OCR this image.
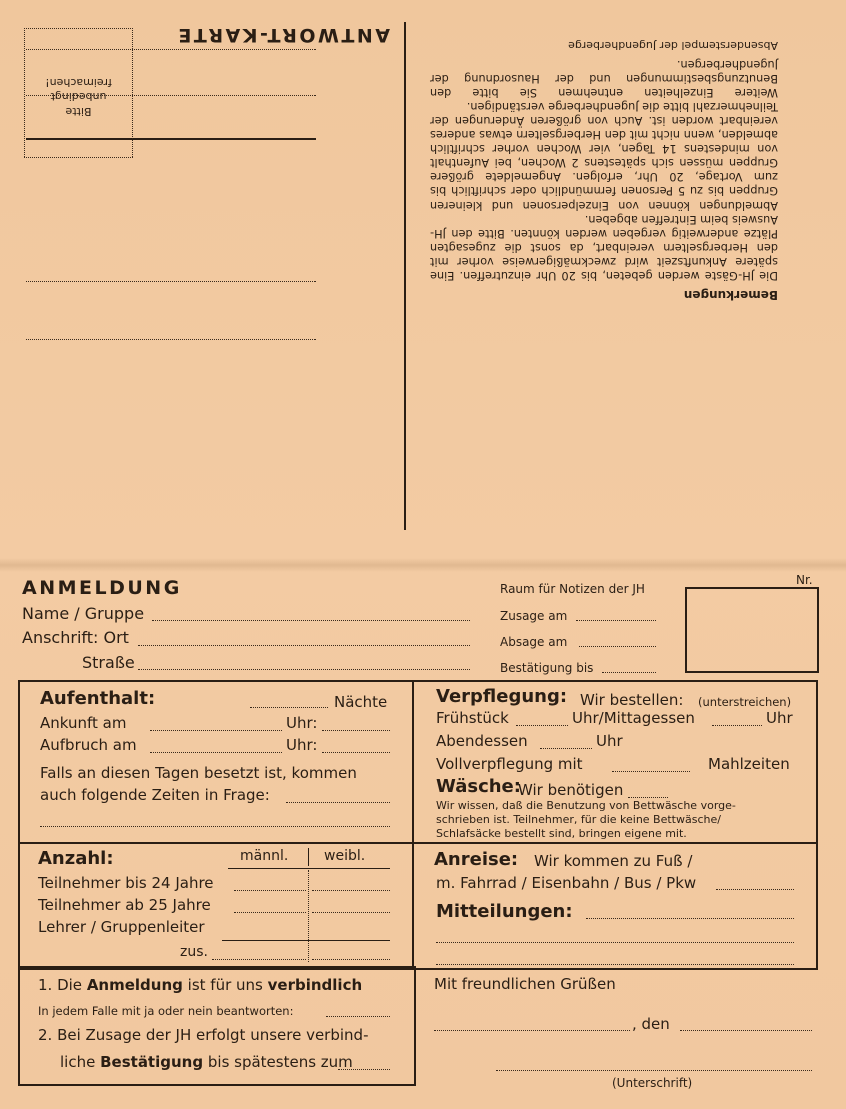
ANTWORT-KARTE
Bitte
unbedingt
freimachen!
Absenderstempel der Jugendherberge
Bemerkungen

Die JH-Gäste werden gebeten, bis 20 Uhr einzutreffen. Eine spätere Ankunftszeit wird zweckmäßigerweise vorher mit den Herbergseltern vereinbart, da sonst die zugesagten Plätze anderweitig vergeben werden könnten. Bitte den JH-Ausweis beim Eintreffen abgeben.

Abmeldungen können von Einzelpersonen und kleineren Gruppen bis zu 5 Personen fernmündlich oder schriftlich bis zum Vortage, 20 Uhr, erfolgen. Angemeldete größere Gruppen müssen sich spätestens 2 Wochen, bei Aufenthalt von mindestens 14 Tagen, vier Wochen vorher schriftlich abmelden, wenn nicht mit den Herbergseltern etwas anderes vereinbart worden ist. Auch von größeren Änderungen der Teilnehmerzahl bitte die Jugendherberge verständigen.

Weitere Einzelheiten entnehmen Sie bitte den Benutzungsbestimmungen und der Hausordnung der Jugendherbergen.

ANMELDUNG
Name / Gruppe
Anschrift: Ort
Straße
Raum für Notizen der JH
Zusage am
Absage am
Bestätigung bis
Nr.
Aufenthalt:	Nächte
Ankunft am	Uhr:
Aufbruch am	Uhr:
Falls an diesen Tagen besetzt ist, kommen
auch folgende Zeiten in Frage:
Verpflegung: Wir bestellen: (unterstreichen)
Frühstück	Uhr/Mittagessen	Uhr
Abendessen	Uhr
Vollverpflegung mit	Mahlzeiten
Wäsche:
Wir benötigen
Wir wissen, daß die Benutzung von Bettwäsche vorge-
schrieben ist. Teilnehmer, für die keine Bettwäsche/
Schlafsäcke bestellt sind, bringen eigene mit.
Anzahl:	männl.	weibl.
Teilnehmer bis 24 Jahre
Teilnehmer ab 25 Jahre
Lehrer / Gruppenleiter
zus.
Anreise: Wir kommen zu Fuß /
m. Fahrrad / Eisenbahn / Bus / Pkw
Mitteilungen:
1. Die Anmeldung ist für uns verbindlich
In jedem Falle mit ja oder nein beantworten:
2. Bei Zusage der JH erfolgt unsere verbind-
liche Bestätigung bis spätestens zum
Mit freundlichen Grüßen
, den
(Unterschrift)
